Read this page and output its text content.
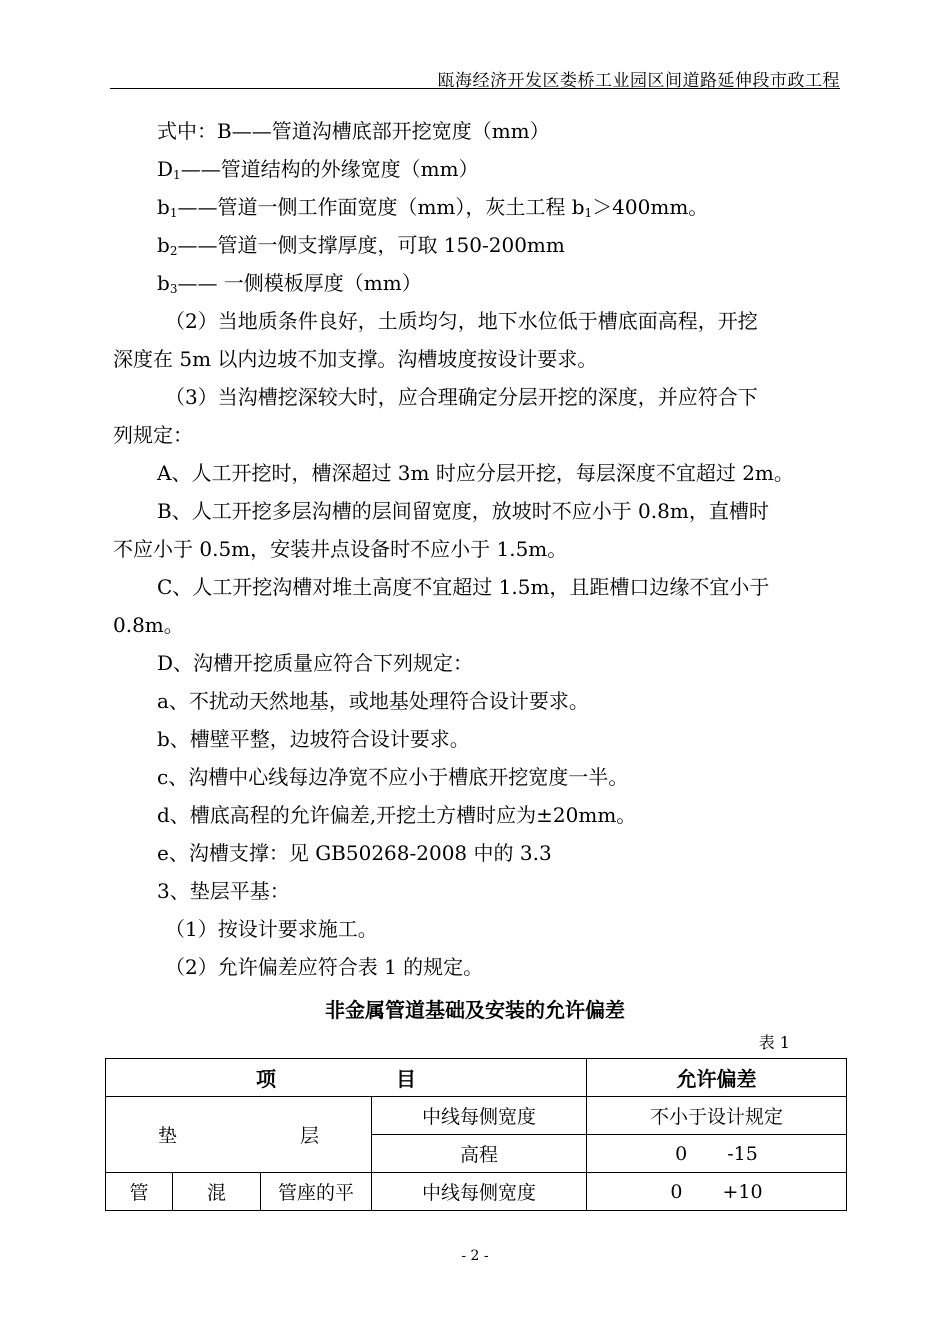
瓯海经济开发区娄桥工业园区间道路延伸段市政工程
式中：B——管道沟槽底部开挖宽度（mm）
$D_1——$管道结构的外缘宽度（mm）
$b_1——$管道一侧工作面宽度（mm），灰土工程 $b_1>400mm$。
$b_2——$管道一侧支撑厚度，可取 150-200mm
$b_3——$ 一侧模板厚度（mm）
（2）当地质条件良好，土质均匀，地下水位低于槽底面高程，开挖
深度在 5m 以内边坡不加支撑。沟槽坡度按设计要求。
（3）当沟槽挖深较大时，应合理确定分层开挖的深度，并应符合下
列规定：
A、人工开挖时，槽深超过 3m 时应分层开挖，每层深度不宜超过 2m。
B、人工开挖多层沟槽的层间留宽度，放坡时不应小于 0.8m，直槽时
不应小于 0.5m，安装井点设备时不应小于 1.5m。
C、人工开挖沟槽对堆土高度不宜超过 1.5m，且距槽口边缘不宜小于
0.8m。
D、沟槽开挖质量应符合下列规定：
a、不扰动天然地基，或地基处理符合设计要求。
b、槽壁平整，边坡符合设计要求。
c、沟槽中心线每边净宽不应小于槽底开挖宽度一半。
d、槽底高程的允许偏差,开挖土方槽时应为±20mm。
e、沟槽支撑：见 GB50268-2008 中的 3.3
3、垫层平基：
（1）按设计要求施工。
（2）允许偏差应符合表 1 的规定。
非金属管道基础及安装的允许偏差
表 1
项 目				允许偏差

垫 层			中线每侧宽度	不小于设计规定
			高程	0 -15

管	混	管座的平	中线每侧宽度	0 +10
- 2 -
